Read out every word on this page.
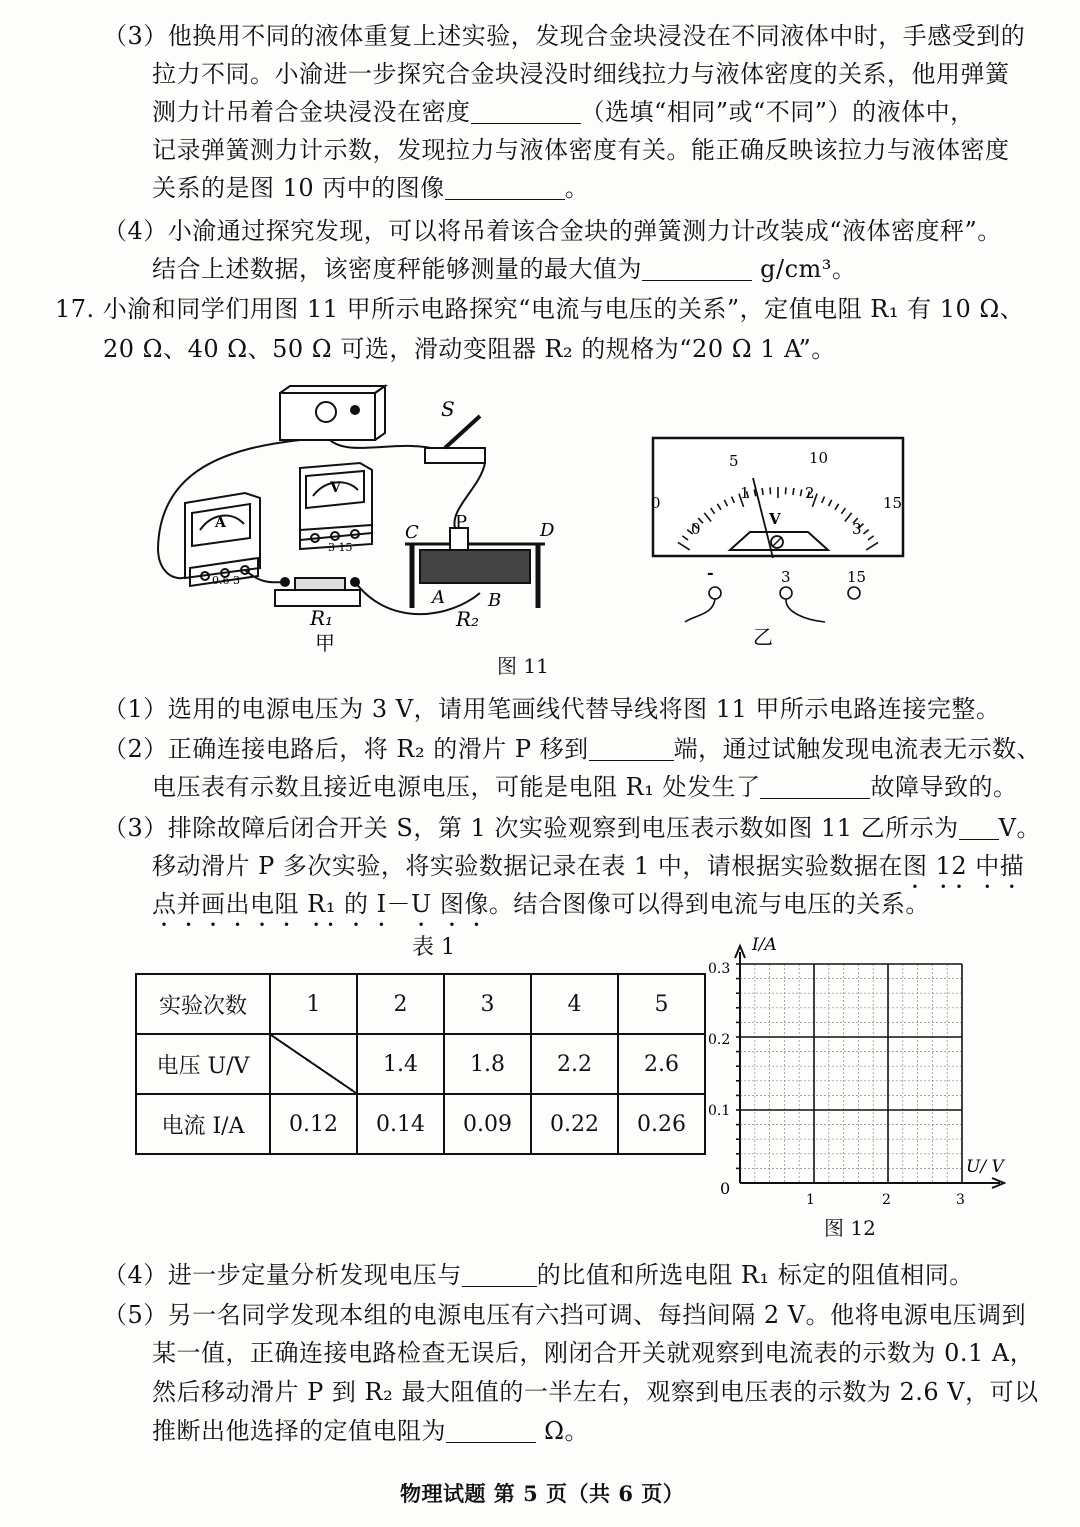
（3）他换用不同的液体重复上述实验，发现合金块浸没在不同液体中时，手感受到的
拉力不同。小渝进一步探究合金块浸没时细线拉力与液体密度的关系，他用弹簧
测力计吊着合金块浸没在密度	（选填“相同”或“不同”）的液体中，
记录弹簧测力计示数，发现拉力与液体密度有关。能正确反映该拉力与液体密度
关系的是图 10 丙中的图像	。
（4）小渝通过探究发现，可以将吊着该合金块的弹簧测力计改装成“液体密度秤”。
结合上述数据，该密度秤能够测量的最大值为	g/cm³。
17. 小渝和同学们用图 11 甲所示电路探究“电流与电压的关系”，定值电阻 R₁ 有 10 Ω、
20 Ω、40 Ω、50 Ω 可选，滑动变阻器 R₂ 的规格为“20 Ω 1 A”。
S
P
C	D
A B
R₁	R₂
A
V
0.6 3
3 15
甲
0
5	10
15
0
1	2
3
V
-	3	15
乙
图 11
（1）选用的电源电压为 3 V，请用笔画线代替导线将图 11 甲所示电路连接完整。
（2）正确连接电路后，将 R₂ 的滑片 P 移到	端，通过试触发现电流表无示数、
电压表有示数且接近电源电压，可能是电阻 R₁ 处发生了	故障导致的。
（3）排除故障后闭合开关 S，第 1 次实验观察到电压表示数如图 11 乙所示为 V。
移动滑片 P 多次实验，将实验数据记录在表 1 中，请根据实验数据在图 12 中描
点并画出电阻 R₁ 的 I－U 图像。结合图像可以得到电流与电压的关系。
表 1
实验次数	1	2	3	4	5
电压 U/V		1.4	1.8	2.2	2.6
电流 I/A	0.12	0.14	0.09	0.22	0.26
I/A
U/ V
0
0.1
0.2
0.3
1	2	3
图 12
（4）进一步定量分析发现电压与	的比值和所选电阻 R₁ 标定的阻值相同。
（5）另一名同学发现本组的电源电压有六挡可调、每挡间隔 2 V。他将电源电压调到
某一值，正确连接电路检查无误后，刚闭合开关就观察到电流表的示数为 0.1 A，
然后移动滑片 P 到 R₂ 最大阻值的一半左右，观察到电压表的示数为 2.6 V，可以
推断出他选择的定值电阻为	Ω。
物理试题 第 5 页（共 6 页）
